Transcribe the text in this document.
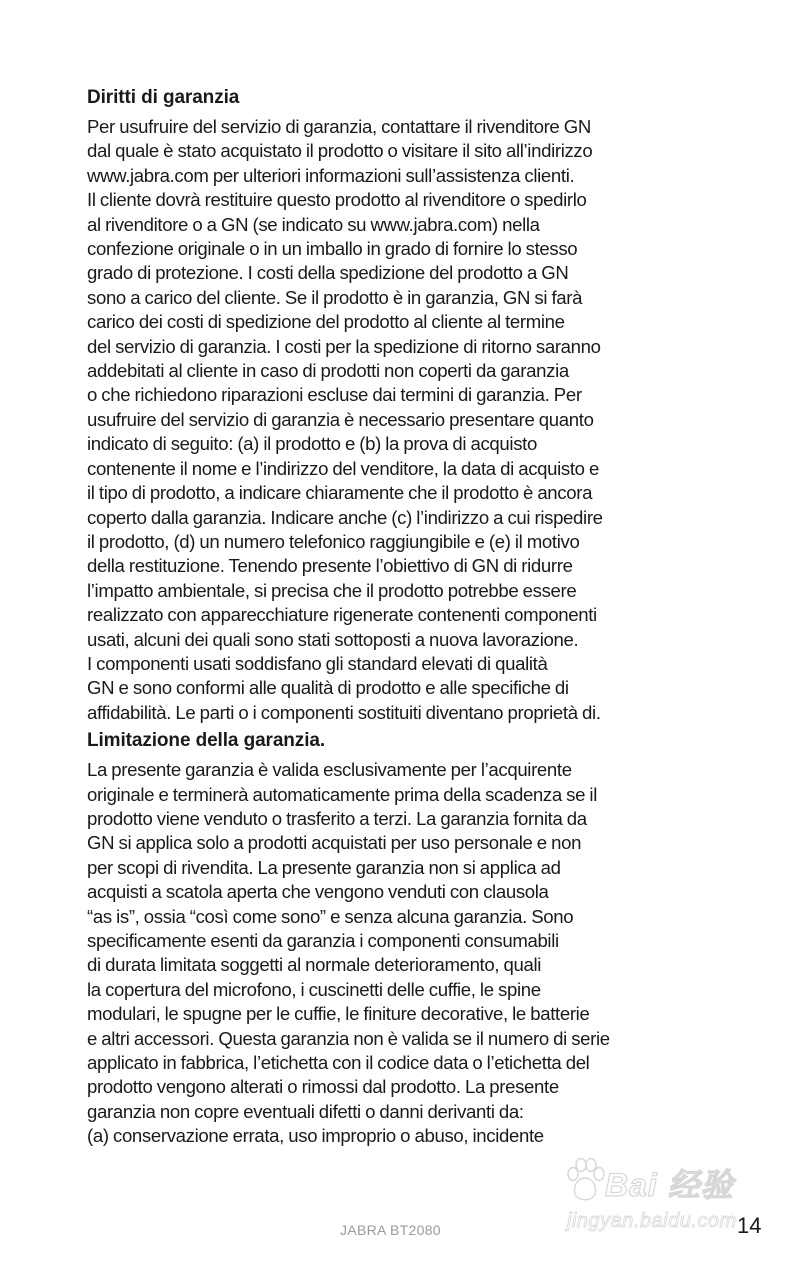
Diritti di garanzia
Per usufruire del servizio di garanzia, contattare il rivenditore GN
dal quale è stato acquistato il prodotto o visitare il sito all’indirizzo
www.jabra.com per ulteriori informazioni sull’assistenza clienti.
Il cliente dovrà restituire questo prodotto al rivenditore o spedirlo
al rivenditore o a GN (se indicato su www.jabra.com) nella
confezione originale o in un imballo in grado di fornire lo stesso
grado di protezione. I costi della spedizione del prodotto a GN
sono a carico del cliente. Se il prodotto è in garanzia, GN si farà
carico dei costi di spedizione del prodotto al cliente al termine
del servizio di garanzia. I costi per la spedizione di ritorno saranno
addebitati al cliente in caso di prodotti non coperti da garanzia
o che richiedono riparazioni escluse dai termini di garanzia. Per
usufruire del servizio di garanzia è necessario presentare quanto
indicato di seguito: (a) il prodotto e (b) la prova di acquisto
contenente il nome e l’indirizzo del venditore, la data di acquisto e
il tipo di prodotto, a indicare chiaramente che il prodotto è ancora
coperto dalla garanzia. Indicare anche (c) l’indirizzo a cui rispedire
il prodotto, (d) un numero telefonico raggiungibile e (e) il motivo
della restituzione. Tenendo presente l’obiettivo di GN di ridurre
l’impatto ambientale, si precisa che il prodotto potrebbe essere
realizzato con apparecchiature rigenerate contenenti componenti
usati, alcuni dei quali sono stati sottoposti a nuova lavorazione.
I componenti usati soddisfano gli standard elevati di qualità
GN e sono conformi alle qualità di prodotto e alle specifiche di
affidabilità. Le parti o i componenti sostituiti diventano proprietà di.
Limitazione della garanzia.
La presente garanzia è valida esclusivamente per l’acquirente
originale e terminerà automaticamente prima della scadenza se il
prodotto viene venduto o trasferito a terzi. La garanzia fornita da
GN si applica solo a prodotti acquistati per uso personale e non
per scopi di rivendita. La presente garanzia non si applica ad
acquisti a scatola aperta che vengono venduti con clausola
“as is”, ossia “così come sono” e senza alcuna garanzia. Sono
specificamente esenti da garanzia i componenti consumabili
di durata limitata soggetti al normale deterioramento, quali
la copertura del microfono, i cuscinetti delle cuffie, le spine
modulari, le spugne per le cuffie, le finiture decorative, le batterie
e altri accessori. Questa garanzia non è valida se il numero di serie
applicato in fabbrica, l’etichetta con il codice data o l’etichetta del
prodotto vengono alterati o rimossi dal prodotto. La presente
garanzia non copre eventuali difetti o danni derivanti da:
(a) conservazione errata, uso improprio o abuso, incidente
Bai 经验
jingyan.baidu.com
JABRA BT2080	14
